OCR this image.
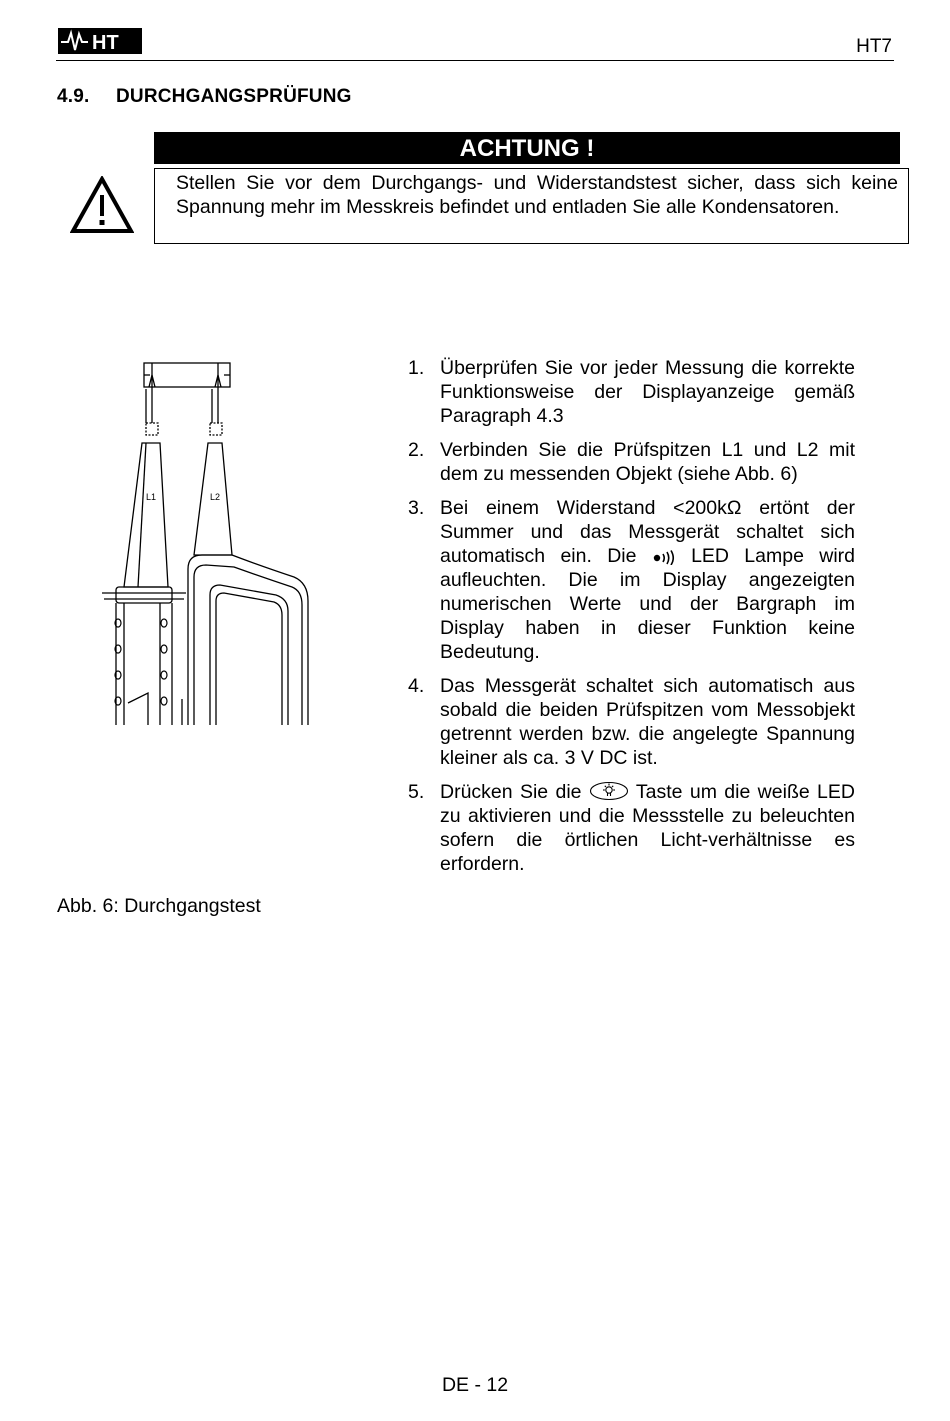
HT	HT7
4.9. DURCHGANGSPRÜFUNG
ACHTUNG !
Stellen Sie vor dem Durchgangs- und Widerstandstest sicher, dass sich keine Spannung mehr im Messkreis befindet und entladen Sie alle Kondensatoren.
L1	L2
Abb. 6: Durchgangstest
1. Überprüfen Sie vor jeder Messung die korrekte Funktionsweise der Displayanzeige gemäß Paragraph 4.3
2. Verbinden Sie die Prüfspitzen L1 und L2 mit dem zu messenden Objekt (siehe Abb. 6)
3. Bei einem Widerstand <200kΩ ertönt der Summer und das Messgerät schaltet sich automatisch ein. Die  LED Lampe wird aufleuchten. Die im Display angezeigten numerischen Werte und der Bargraph im Display haben in dieser Funktion keine Bedeutung.
4. Das Messgerät schaltet sich automatisch aus sobald die beiden Prüfspitzen vom Messobjekt getrennt werden bzw. die angelegte Spannung kleiner als ca. 3 V DC ist.
5. Drücken Sie die  Taste um die weiße LED zu aktivieren und die Messstelle zu beleuchten sofern die örtlichen Licht-verhältnisse es erfordern.
DE - 12
